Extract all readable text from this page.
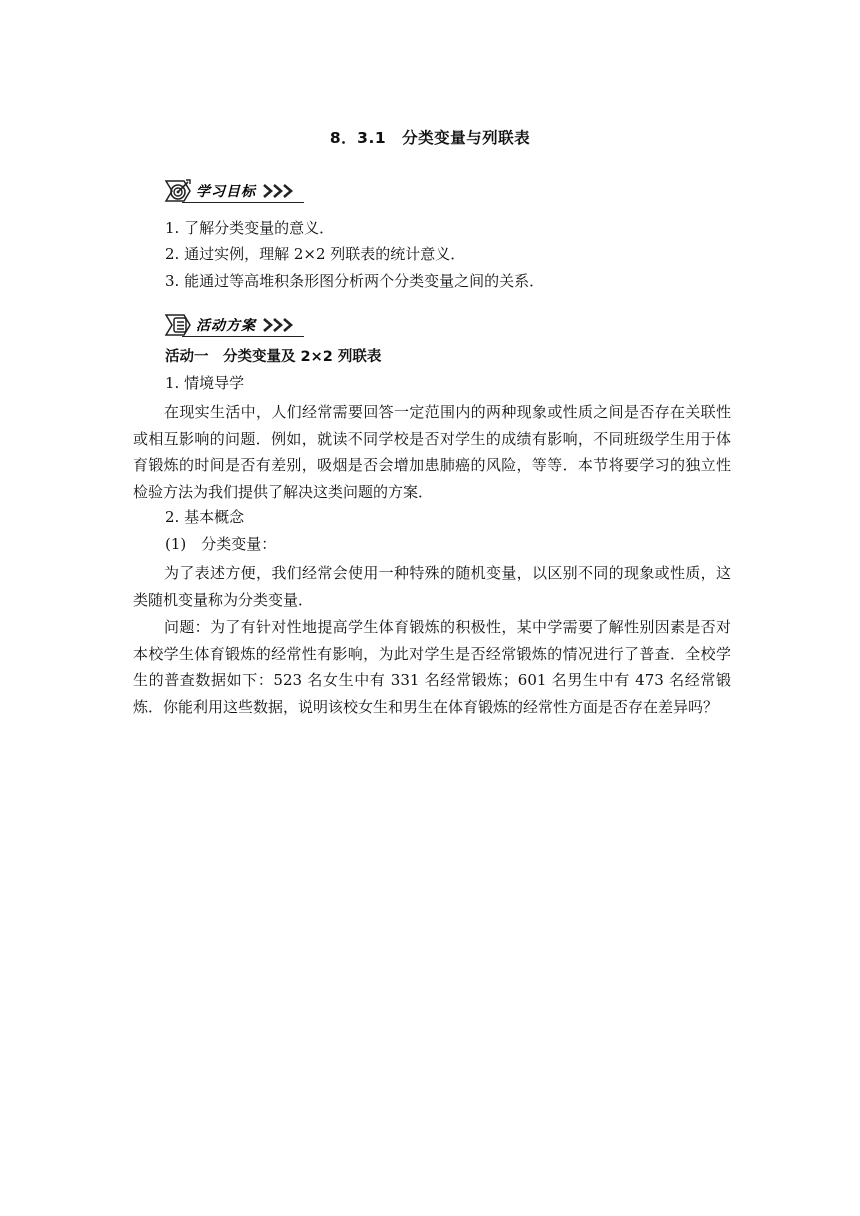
8．3.1　分类变量与列联表
学习目标
1. 了解分类变量的意义．
2. 通过实例，理解 2×2 列联表的统计意义．
3. 能通过等高堆积条形图分析两个分类变量之间的关系．
活动方案
活动一　分类变量及 2×2 列联表
1. 情境导学
在现实生活中，人们经常需要回答一定范围内的两种现象或性质之间是否存在关联性或相互影响的问题．例如，就读不同学校是否对学生的成绩有影响，不同班级学生用于体育锻炼的时间是否有差别，吸烟是否会增加患肺癌的风险，等等．本节将要学习的独立性检验方法为我们提供了解决这类问题的方案．
2. 基本概念
(1)　分类变量：
为了表述方便，我们经常会使用一种特殊的随机变量，以区别不同的现象或性质，这类随机变量称为分类变量．
问题：为了有针对性地提高学生体育锻炼的积极性，某中学需要了解性别因素是否对本校学生体育锻炼的经常性有影响，为此对学生是否经常锻炼的情况进行了普查．全校学生的普查数据如下：523 名女生中有 331 名经常锻炼；601 名男生中有 473 名经常锻炼．你能利用这些数据，说明该校女生和男生在体育锻炼的经常性方面是否存在差异吗？
